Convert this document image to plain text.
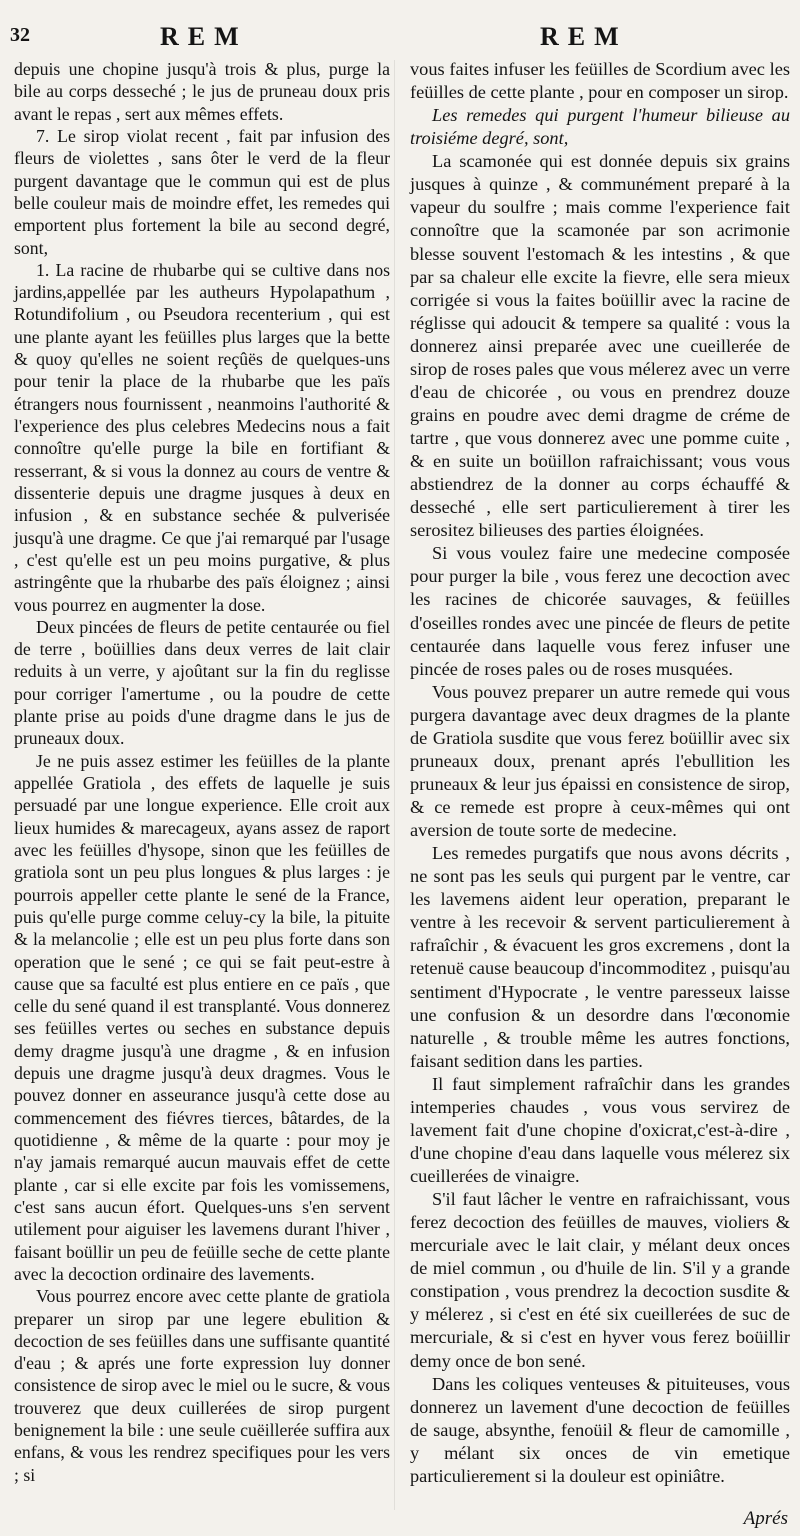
32	REM	REM

depuis une chopine jusqu'à trois & plus, purge la bile au corps desseché ; le jus de pruneau doux pris avant le repas , sert aux mêmes effets.

7. Le sirop violat recent , fait par infusion des fleurs de violettes , sans ôter le verd de la fleur purgent davantage que le commun qui est de plus belle couleur mais de moindre effet, les remedes qui emportent plus fortement la bile au second degré, sont,

1. La racine de rhubarbe qui se cultive dans nos jardins,appellée par les autheurs Hypolapathum , Rotundifolium , ou Pseudora recenterium , qui est une plante ayant les feüilles plus larges que la bette & quoy qu'elles ne soient reçûës de quelques-uns pour tenir la place de la rhubarbe que les païs étrangers nous fournissent , neanmoins l'authorité & l'experience des plus celebres Medecins nous a fait connoître qu'elle purge la bile en fortifiant & resserrant, & si vous la donnez au cours de ventre & dissenterie depuis une dragme jusques à deux en infusion , & en substance sechée & pulverisée jusqu'à une dragme. Ce que j'ai remarqué par l'usage , c'est qu'elle est un peu moins purgative, & plus astringênte que la rhubarbe des païs éloignez ; ainsi vous pourrez en augmenter la dose.

Deux pincées de fleurs de petite centaurée ou fiel de terre , boüillies dans deux verres de lait clair reduits à un verre, y ajoûtant sur la fin du reglisse pour corriger l'amertume , ou la poudre de cette plante prise au poids d'une dragme dans le jus de pruneaux doux.

Je ne puis assez estimer les feüilles de la plante appellée Gratiola , des effets de laquelle je suis persuadé par une longue experience. Elle croit aux lieux humides & marecageux, ayans assez de raport avec les feüilles d'hysope, sinon que les feüilles de gratiola sont un peu plus longues & plus larges : je pourrois appeller cette plante le sené de la France, puis qu'elle purge comme celuy-cy la bile, la pituite & la melancolie ; elle est un peu plus forte dans son operation que le sené ; ce qui se fait peut-estre à cause que sa faculté est plus entiere en ce païs , que celle du sené quand il est transplanté. Vous donnerez ses feüilles vertes ou seches en substance depuis demy dragme jusqu'à une dragme , & en infusion depuis une dragme jusqu'à deux dragmes. Vous le pouvez donner en asseurance jusqu'à cette dose au commencement des fiévres tierces, bâtardes, de la quotidienne , & même de la quarte : pour moy je n'ay jamais remarqué aucun mauvais effet de cette plante , car si elle excite par fois les vomissemens, c'est sans aucun éfort. Quelques-uns s'en servent utilement pour aiguiser les lavemens durant l'hiver , faisant boüllir un peu de feüille seche de cette plante avec la decoction ordinaire des lavements.

Vous pourrez encore avec cette plante de gratiola preparer un sirop par une legere ebulition & decoction de ses feüilles dans une suffisante quantité d'eau ; & aprés une forte expression luy donner consistence de sirop avec le miel ou le sucre, & vous trouverez que deux cuillerées de sirop purgent benignement la bile : une seule cuëillerée suffira aux enfans, & vous les rendrez specifiques pour les vers ; si

vous faites infuser les feüilles de Scordium avec les feüilles de cette plante , pour en composer un sirop.

Les remedes qui purgent l'humeur bilieuse au troisiéme degré, sont,

La scamonée qui est donnée depuis six grains jusques à quinze , & communément preparé à la vapeur du soulfre ; mais comme l'experience fait connoître que la scamonée par son acrimonie blesse souvent l'estomach & les intestins , & que par sa chaleur elle excite la fievre, elle sera mieux corrigée si vous la faites boüillir avec la racine de réglisse qui adoucit & tempere sa qualité : vous la donnerez ainsi preparée avec une cueillerée de sirop de roses pales que vous mélerez avec un verre d'eau de chicorée , ou vous en prendrez douze grains en poudre avec demi dragme de créme de tartre , que vous donnerez avec une pomme cuite , & en suite un boüillon rafraichissant; vous vous abstiendrez de la donner au corps échauffé & desseché , elle sert particulierement à tirer les serositez bilieuses des parties éloignées.

Si vous voulez faire une medecine composée pour purger la bile , vous ferez une decoction avec les racines de chicorée sauvages, & feüilles d'oseilles rondes avec une pincée de fleurs de petite centaurée dans laquelle vous ferez infuser une pincée de roses pales ou de roses musquées.

Vous pouvez preparer un autre remede qui vous purgera davantage avec deux dragmes de la plante de Gratiola susdite que vous ferez boüillir avec six pruneaux doux, prenant aprés l'ebullition les pruneaux & leur jus épaissi en consistence de sirop, & ce remede est propre à ceux-mêmes qui ont aversion de toute sorte de medecine.

Les remedes purgatifs que nous avons décrits , ne sont pas les seuls qui purgent par le ventre, car les lavemens aident leur operation, preparant le ventre à les recevoir & servent particulierement à rafraîchir , & évacuent les gros excremens , dont la retenuë cause beaucoup d'incommoditez , puisqu'au sentiment d'Hypocrate , le ventre paresseux laisse une confusion & un desordre dans l'œconomie naturelle , & trouble même les autres fonctions, faisant sedition dans les parties.

Il faut simplement rafraîchir dans les grandes intemperies chaudes , vous vous servirez de lavement fait d'une chopine d'oxicrat,c'est-à-dire , d'une chopine d'eau dans laquelle vous mélerez six cueillerées de vinaigre.

S'il faut lâcher le ventre en rafraichissant, vous ferez decoction des feüilles de mauves, violiers & mercuriale avec le lait clair, y mélant deux onces de miel commun , ou d'huile de lin. S'il y a grande constipation , vous prendrez la decoction susdite & y mélerez , si c'est en été six cueillerées de suc de mercuriale, & si c'est en hyver vous ferez boüillir demy once de bon sené.

Dans les coliques venteuses & pituiteuses, vous donnerez un lavement d'une decoction de feüilles de sauge, absynthe, fenoüil & fleur de camomille , y mélant six onces de vin emetique particulierement si la douleur est opiniâtre.

Aprés
